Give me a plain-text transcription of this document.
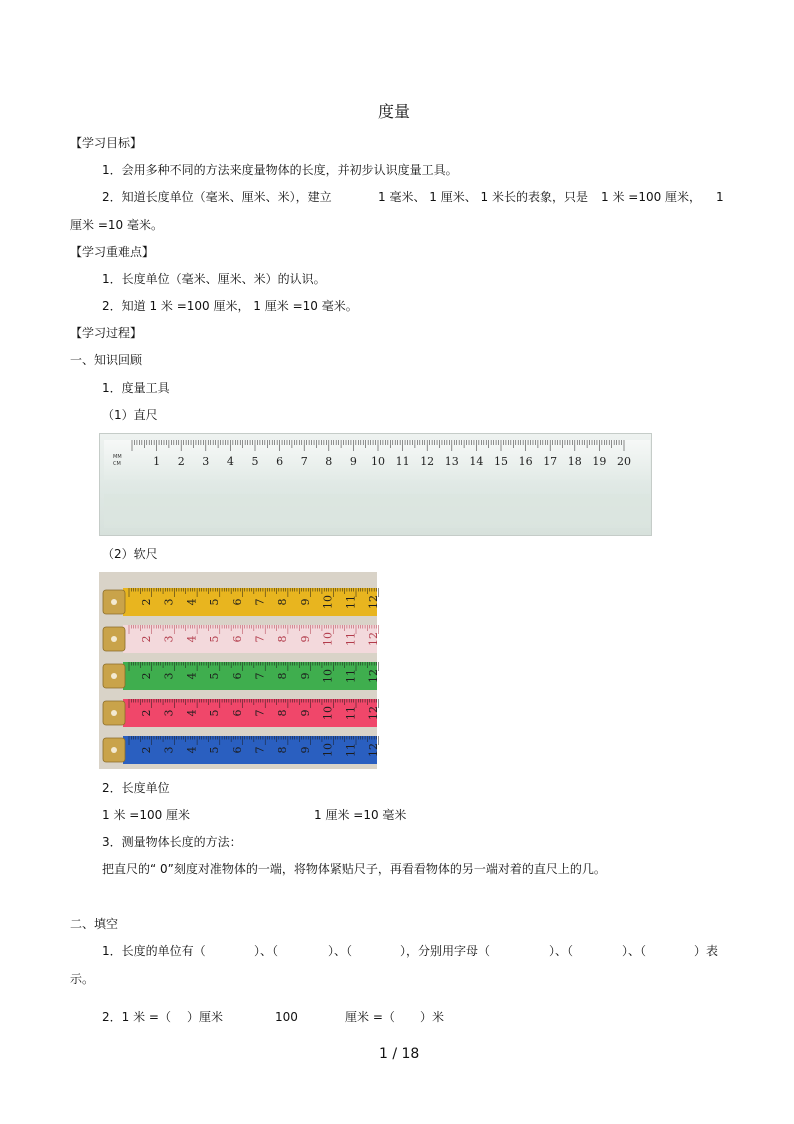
度量
【学习目标】
1．会用多种不同的方法来度量物体的长度，并初步认识度量工具。
2．知道长度单位（毫米、厘米、米），建立	1 毫米、 1 厘米、 1 米长的表象，只是 1 米 =100 厘米， 1
厘米 =10 毫米。
【学习重难点】
1．长度单位（毫米、厘米、米）的认识。
2．知道 1 米 =100 厘米， 1 厘米 =10 毫米。
【学习过程】
一、知识回顾
1．度量工具
（1）直尺
MM
CM	1 2 3 4 5 6 7 8 9 10 11 12 13 14 15 16 17 18 19 20
（2）软尺
2 3 4 5 6 7 8 9 10 11 12
2 3 4 5 6 7 8 9 10 11 12
2 3 4 5 6 7 8 9 10 11 12
2 3 4 5 6 7 8 9 10 11 12
2 3 4 5 6 7 8 9 10 11 12
2．长度单位
1 米 =100 厘米	1 厘米 =10 毫米
3．测量物体长度的方法：
把直尺的“ 0”刻度对准物体的一端，将物体紧贴尺子，再看看物体的另一端对着的直尺上的几。
二、填空
1．长度的单位有（	）、（	）、（	），分别用字母（	）、（	）、（	）表
示。
2．1 米 =（ ）厘米	100	厘米 =（ ）米
1 / 18
